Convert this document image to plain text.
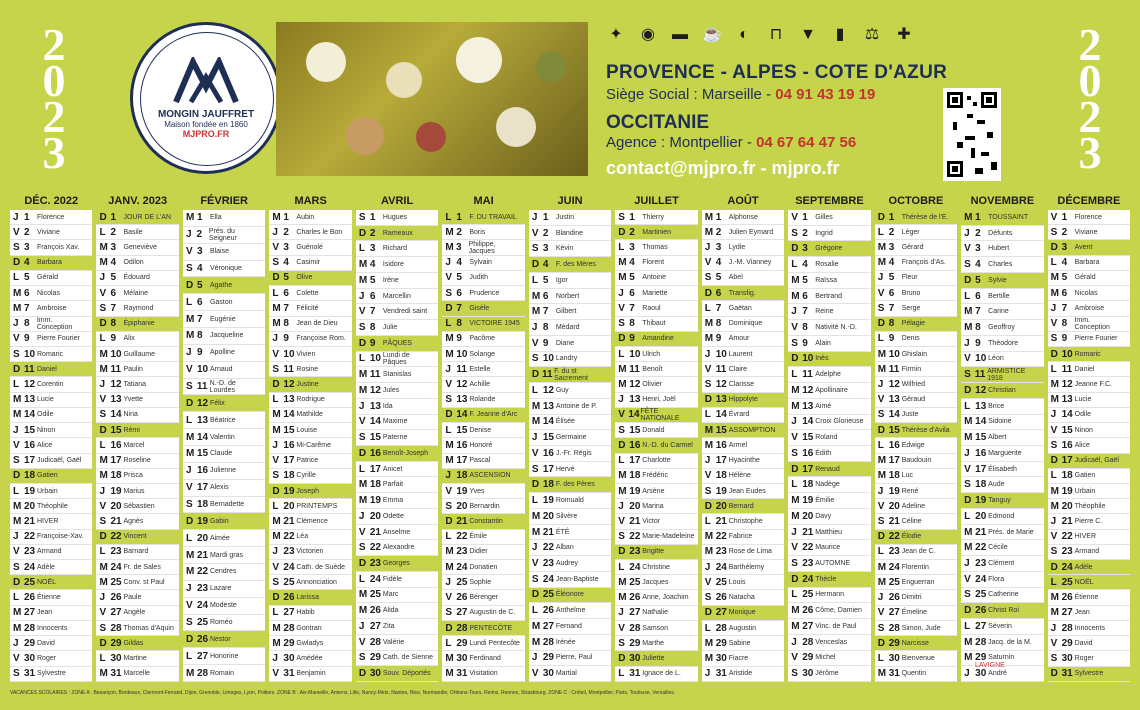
2
0
2
3
2
0
2
3
MONGIN JAUFFRET
Maison fondée en 1860
MJPRO.FR
✦ ◉ ▬ ☕	◐	⊓ ▼	▮	⚖ ✚
PROVENCE - ALPES - COTE D'AZUR
Siège Social : Marseille - 04 91 43 19 19
OCCITANIE
Agence : Montpellier - 04 67 64 47 56
contact@mjpro.fr - mjpro.fr
DÉC. 2022
J 1	Florence
V 2	Viviane
S 3	François Xav.
D 4	Barbara
L 5	Gérald
M 6	Nicolas
M 7	Ambroise
J 8	Imm. Conception
V 9	Pierre Fourier
S 10 Romaric
D 11 Daniel
L 12 Corentin
M 13 Lucie
M 14 Odile
J 15 Ninon
V 16 Alice
S 17 Judicaël, Gaël
D 18 Gatien
L 19 Urbain
M 20 Théophile
M 21 HIVER
J 22 Françoise-Xav.
V 23 Armand
S 24 Adèle
D 25 NOËL
L 26 Étienne
M 27 Jean
M 28 Innocents
J 29 David
V 30 Roger
S 31 Sylvestre
JANV. 2023
D 1	JOUR DE L'AN
L 2	Basile
M 3	Geneviève
M 4	Odilon
J 5	Édouard
V 6	Mélaine
S 7	Raymond
D 8	Épiphanie
L 9	Alix
M 10 Guillaume
M 11 Paulin
J 12 Tatiana
V 13 Yvette
S 14 Nina
D 15 Rémi
L 16 Marcel
M 17 Roseline
M 18 Prisca
J 19 Marius
V 20 Sébastien
S 21 Agnès
D 22 Vincent
L 23 Barnard
M 24 Fr. de Sales
M 25 Conv. st Paul
J 26 Paule
V 27 Angèle
S 28 Thomas d'Aquin
D 29 Gildas
L 30 Martine
M 31 Marcelle
FÉVRIER
M 1	Ella
J 2 Prés. du Seigneur
V 3	Blaise
S 4	Véronique
D 5	Agathe
L 6	Gaston
M 7	Eugénie
M 8	Jacqueline
J 9	Apolline
V 10 Arnaud
S 11 N.-D. de Lourdes
D 12 Félix
L 13 Béatrice
M 14 Valentin
M 15 Claude
J 16 Julienne
V 17 Alexis
S 18 Bernadette
D 19 Gabin
L 20 Aimée
M 21 Mardi gras
M 22 Cendres
J 23 Lazare
V 24 Modeste
S 25 Roméo
D 26 Nestor
L 27 Honorine
M 28 Romain
MARS
M 1	Aubin
J 2	Charles le Bon
V 3	Guénolé
S 4	Casimir
D 5	Olive
L 6	Colette
M 7	Félicité
M 8	Jean de Dieu
J 9	Françoise Rom.
V 10 Vivien
S 11 Rosine
D 12 Justine
L 13 Rodrigue
M 14 Mathilde
M 15 Louise
J 16 Mi-Carême
V 17 Patrice
S 18 Cyrille
D 19 Joseph
L 20 PRINTEMPS
M 21 Clémence
M 22 Léa
J 23 Victorien
V 24 Cath. de Suède
S 25 Annonciation
D 26 Larissa
L 27 Habib
M 28 Gontran
M 29 Gwladys
J 30 Amédée
V 31 Benjamin
AVRIL
S 1	Hugues
D 2	Rameaux
L 3	Richard
M 4	Isidore
M 5	Irène
J 6	Marcellin
V 7	Vendredi saint
S 8	Julie
D 9	PÂQUES
L 10 Lundi de Pâques
M 11 Stanislas
M 12 Jules
J 13 Ida
V 14 Maxime
S 15 Paterne
D 16 Benoît-Joseph
L 17 Anicet
M 18 Parfait
M 19 Emma
J 20 Odette
V 21 Anselme
S 22 Alexandre
D 23 Georges
L 24 Fidèle
M 25 Marc
M 26 Alida
J 27 Zita
V 28 Valérie
S 29 Cath. de Sienne
D 30 Souv. Déportés
MAI
L 1	F. DU TRAVAIL
M 2	Boris
M 3	Philippe, Jacques
J 4	Sylvain
V 5	Judith
S 6	Prudence
D 7	Gisèle
L 8	VICTOIRE 1945
M 9	Pacôme
M 10 Solange
J 11 Estelle
V 12 Achille
S 13 Rolande
D 14 F. Jeanne d'Arc
L 15 Denise
M 16 Honoré
M 17 Pascal
J 18 ASCENSION
V 19 Yves
S 20 Bernardin
D 21 Constantin
L 22 Émile
M 23 Didier
M 24 Donatien
J 25 Sophie
V 26 Bérenger
S 27 Augustin de C.
D 28 PENTECÔTE
L 29 Lundi Pentecôte
M 30 Ferdinand
M 31 Visitation
JUIN
J 1	Justin
V 2	Blandine
S 3	Kévin
D 4	F. des Mères
L 5	Igor
M 6	Norbert
M 7	Gilbert
J 8	Médard
V 9	Diane
S 10 Landry
D 11 F. du st Sacrement
L 12 Guy
M 13 Antoine de P.
M 14 Élisée
J 15 Germaine
V 16 J.-Fr. Régis
S 17 Hervé
D 18 F. des Pères
L 19 Romuald
M 20 Silvère
M 21 ÉTÉ
J 22 Alban
V 23 Audrey
S 24 Jean-Baptiste
D 25 Éléonore
L 26 Anthelme
M 27 Fernand
M 28 Irénée
J 29 Pierre, Paul
V 30 Martial
JUILLET
S 1	Thierry
D 2	Martinien
L 3	Thomas
M 4	Florent
M 5	Antoine
J 6	Mariette
V 7	Raoul
S 8	Thibaut
D 9	Amandine
L 10 Ulrich
M 11 Benoît
M 12 Olivier
J 13 Henri, Joël
V 14 FÊTE NATIONALE
S 15 Donald
D 16 N.-D. du Carmel
L 17 Charlotte
M 18 Frédéric
M 19 Arsène
J 20 Marina
V 21 Victor
S 22 Marie-Madeleine
D 23 Brigitte
L 24 Christine
M 25 Jacques
M 26 Anne, Joachim
J 27 Nathalie
V 28 Samson
S 29 Marthe
D 30 Juliette
L 31 Ignace de L.
AOÛT
M 1	Alphonse
M 2	Julien Eymard
J 3	Lydie
V 4	J.-M. Vianney
S 5	Abel
D 6	Transfig.
L 7	Gaëtan
M 8	Dominique
M 9	Amour
J 10 Laurent
V 11 Claire
S 12 Clarisse
D 13 Hippolyte
L 14 Évrard
M 15 ASSOMPTION
M 16 Armel
J 17 Hyacinthe
V 18 Hélène
S 19 Jean Eudes
D 20 Bernard
L 21 Christophe
M 22 Fabrice
M 23 Rose de Lima
J 24 Barthélemy
V 25 Louis
S 26 Natacha
D 27 Monique
L 28 Augustin
M 29 Sabine
M 30 Fiacre
J 31 Aristide
SEPTEMBRE
V 1	Gilles
S 2	Ingrid
D 3	Grégoire
L 4	Rosalie
M 5	Raïssa
M 6	Bertrand
J 7	Reine
V 8	Nativité N.-D.
S 9	Alain
D 10 Inès
L 11 Adelphe
M 12 Apollinaire
M 13 Aimé
J 14 Croix Glorieuse
V 15 Roland
S 16 Édith
D 17 Renaud
L 18 Nadège
M 19 Émilie
M 20 Davy
J 21 Matthieu
V 22 Maurice
S 23 AUTOMNE
D 24 Thècle
L 25 Hermann
M 26 Côme, Damien
M 27 Vinc. de Paul
J 28 Venceslas
V 29 Michel
S 30 Jérôme
OCTOBRE
D 1	Thérèse de l'E.
L 2	Léger
M 3	Gérard
M 4	François d'As.
J 5	Fleur
V 6	Bruno
S 7	Serge
D 8	Pélagie
L 9	Denis
M 10 Ghislain
M 11 Firmin
J 12 Wilfried
V 13 Géraud
S 14 Juste
D 15 Thérèse d'Avila
L 16 Edwige
M 17 Baudouin
M 18 Luc
J 19 René
V 20 Adeline
S 21 Céline
D 22 Élodie
L 23 Jean de C.
M 24 Florentin
M 25 Enguerran
J 26 Dimitri
V 27 Émeline
S 28 Simon, Jude
D 29 Narcisse
L 30 Bienvenue
M 31 Quentin
NOVEMBRE
M 1	TOUSSAINT
J 2	Défunts
V 3	Hubert
S 4	Charles
D 5	Sylvie
L 6	Bertille
M 7	Carine
M 8	Geoffroy
J 9	Théodore
V 10 Léon
S 11 ARMISTICE 1918
D 12 Christian
L 13 Brice
M 14 Sidoine
M 15 Albert
J 16 Marguerite
V 17 Élisabeth
S 18 Aude
D 19 Tanguy
L 20 Edmond
M 21 Prés. de Marie
M 22 Cécile
J 23 Clément
V 24 Flora
S 25 Catherine
D 26 Christ Roi
L 27 Séverin
M 28 Jacq. de la M.
M 29 Saturnin
J 30 André
DÉCEMBRE
V 1	Florence
S 2	Viviane
D 3	Avent
L 4	Barbara
M 5	Gérald
M 6	Nicolas
J 7	Ambroise
V 8	Imm. Conception
S 9	Pierre Fourier
D 10 Romaric
L 11 Daniel
M 12 Jeanne F.C.
M 13 Lucie
J 14 Odile
V 15 Ninon
S 16 Alice
D 17 Judicaël, Gaël
L 18 Gatien
M 19 Urbain
M 20 Théophile
J 21 Pierre C.
V 22 HIVER
S 23 Armand
D 24 Adèle
L 25 NOËL
M 26 Étienne
M 27 Jean
J 28 Innocents
V 29 David
S 30 Roger
D 31 Sylvestre
LAVIGNE
VACANCES SCOLAIRES : ZONE A : Besançon, Bordeaux, Clermont-Ferrand, Dijon, Grenoble, Limoges, Lyon, Poitiers. ZONE B : Aix-Marseille, Amiens, Lille, Nancy-Metz, Nantes, Nice, Normandie, Orléans-Tours, Reims, Rennes, Strasbourg. ZONE C : Créteil, Montpellier, Paris, Toulouse, Versailles.
